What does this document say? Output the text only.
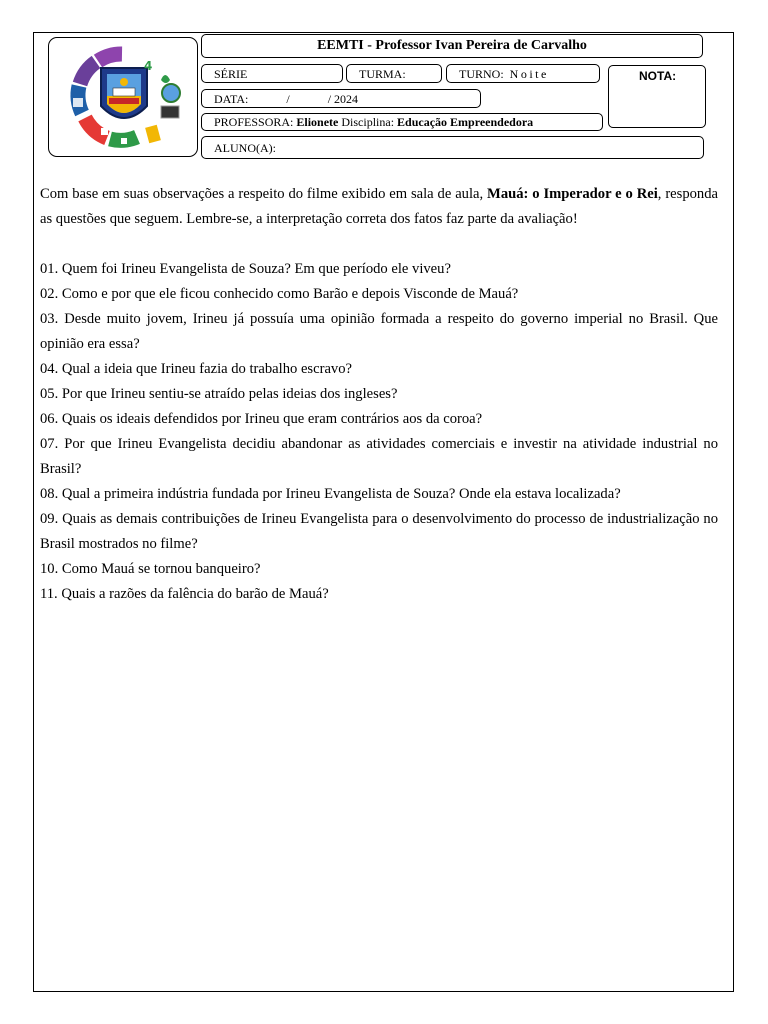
4
EEMTI - Professor Ivan Pereira de Carvalho
SÉRIE	TURMA:	TURNO: Noite	NOTA:
DATA:	/	/ 2024
PROFESSORA:
Elionete
Disciplina:
Educação Empreendedora
ALUNO(A):

Com base em suas observações a respeito do filme exibido em sala de aula, Mauá: o Imperador e o Rei, responda as questões que seguem. Lembre-se, a interpretação correta dos fatos faz parte da avaliação!

01. Quem foi Irineu Evangelista de Souza? Em que período ele viveu?

02. Como e por que ele ficou conhecido como Barão e depois Visconde de Mauá?

03. Desde muito jovem, Irineu já possuía uma opinião formada a respeito do governo imperial no Brasil. Que opinião era essa?

04. Qual a ideia que Irineu fazia do trabalho escravo?

05. Por que Irineu sentiu-se atraído pelas ideias dos ingleses?

06. Quais os ideais defendidos por Irineu que eram contrários aos da coroa?

07. Por que Irineu Evangelista decidiu abandonar as atividades comerciais e investir na atividade industrial no Brasil?

08. Qual a primeira indústria fundada por Irineu Evangelista de Souza? Onde ela estava localizada?

09. Quais as demais contribuições de Irineu Evangelista para o desenvolvimento do processo de industrialização no Brasil mostrados no filme?

10. Como Mauá se tornou banqueiro?

11. Quais a razões da falência do barão de Mauá?
